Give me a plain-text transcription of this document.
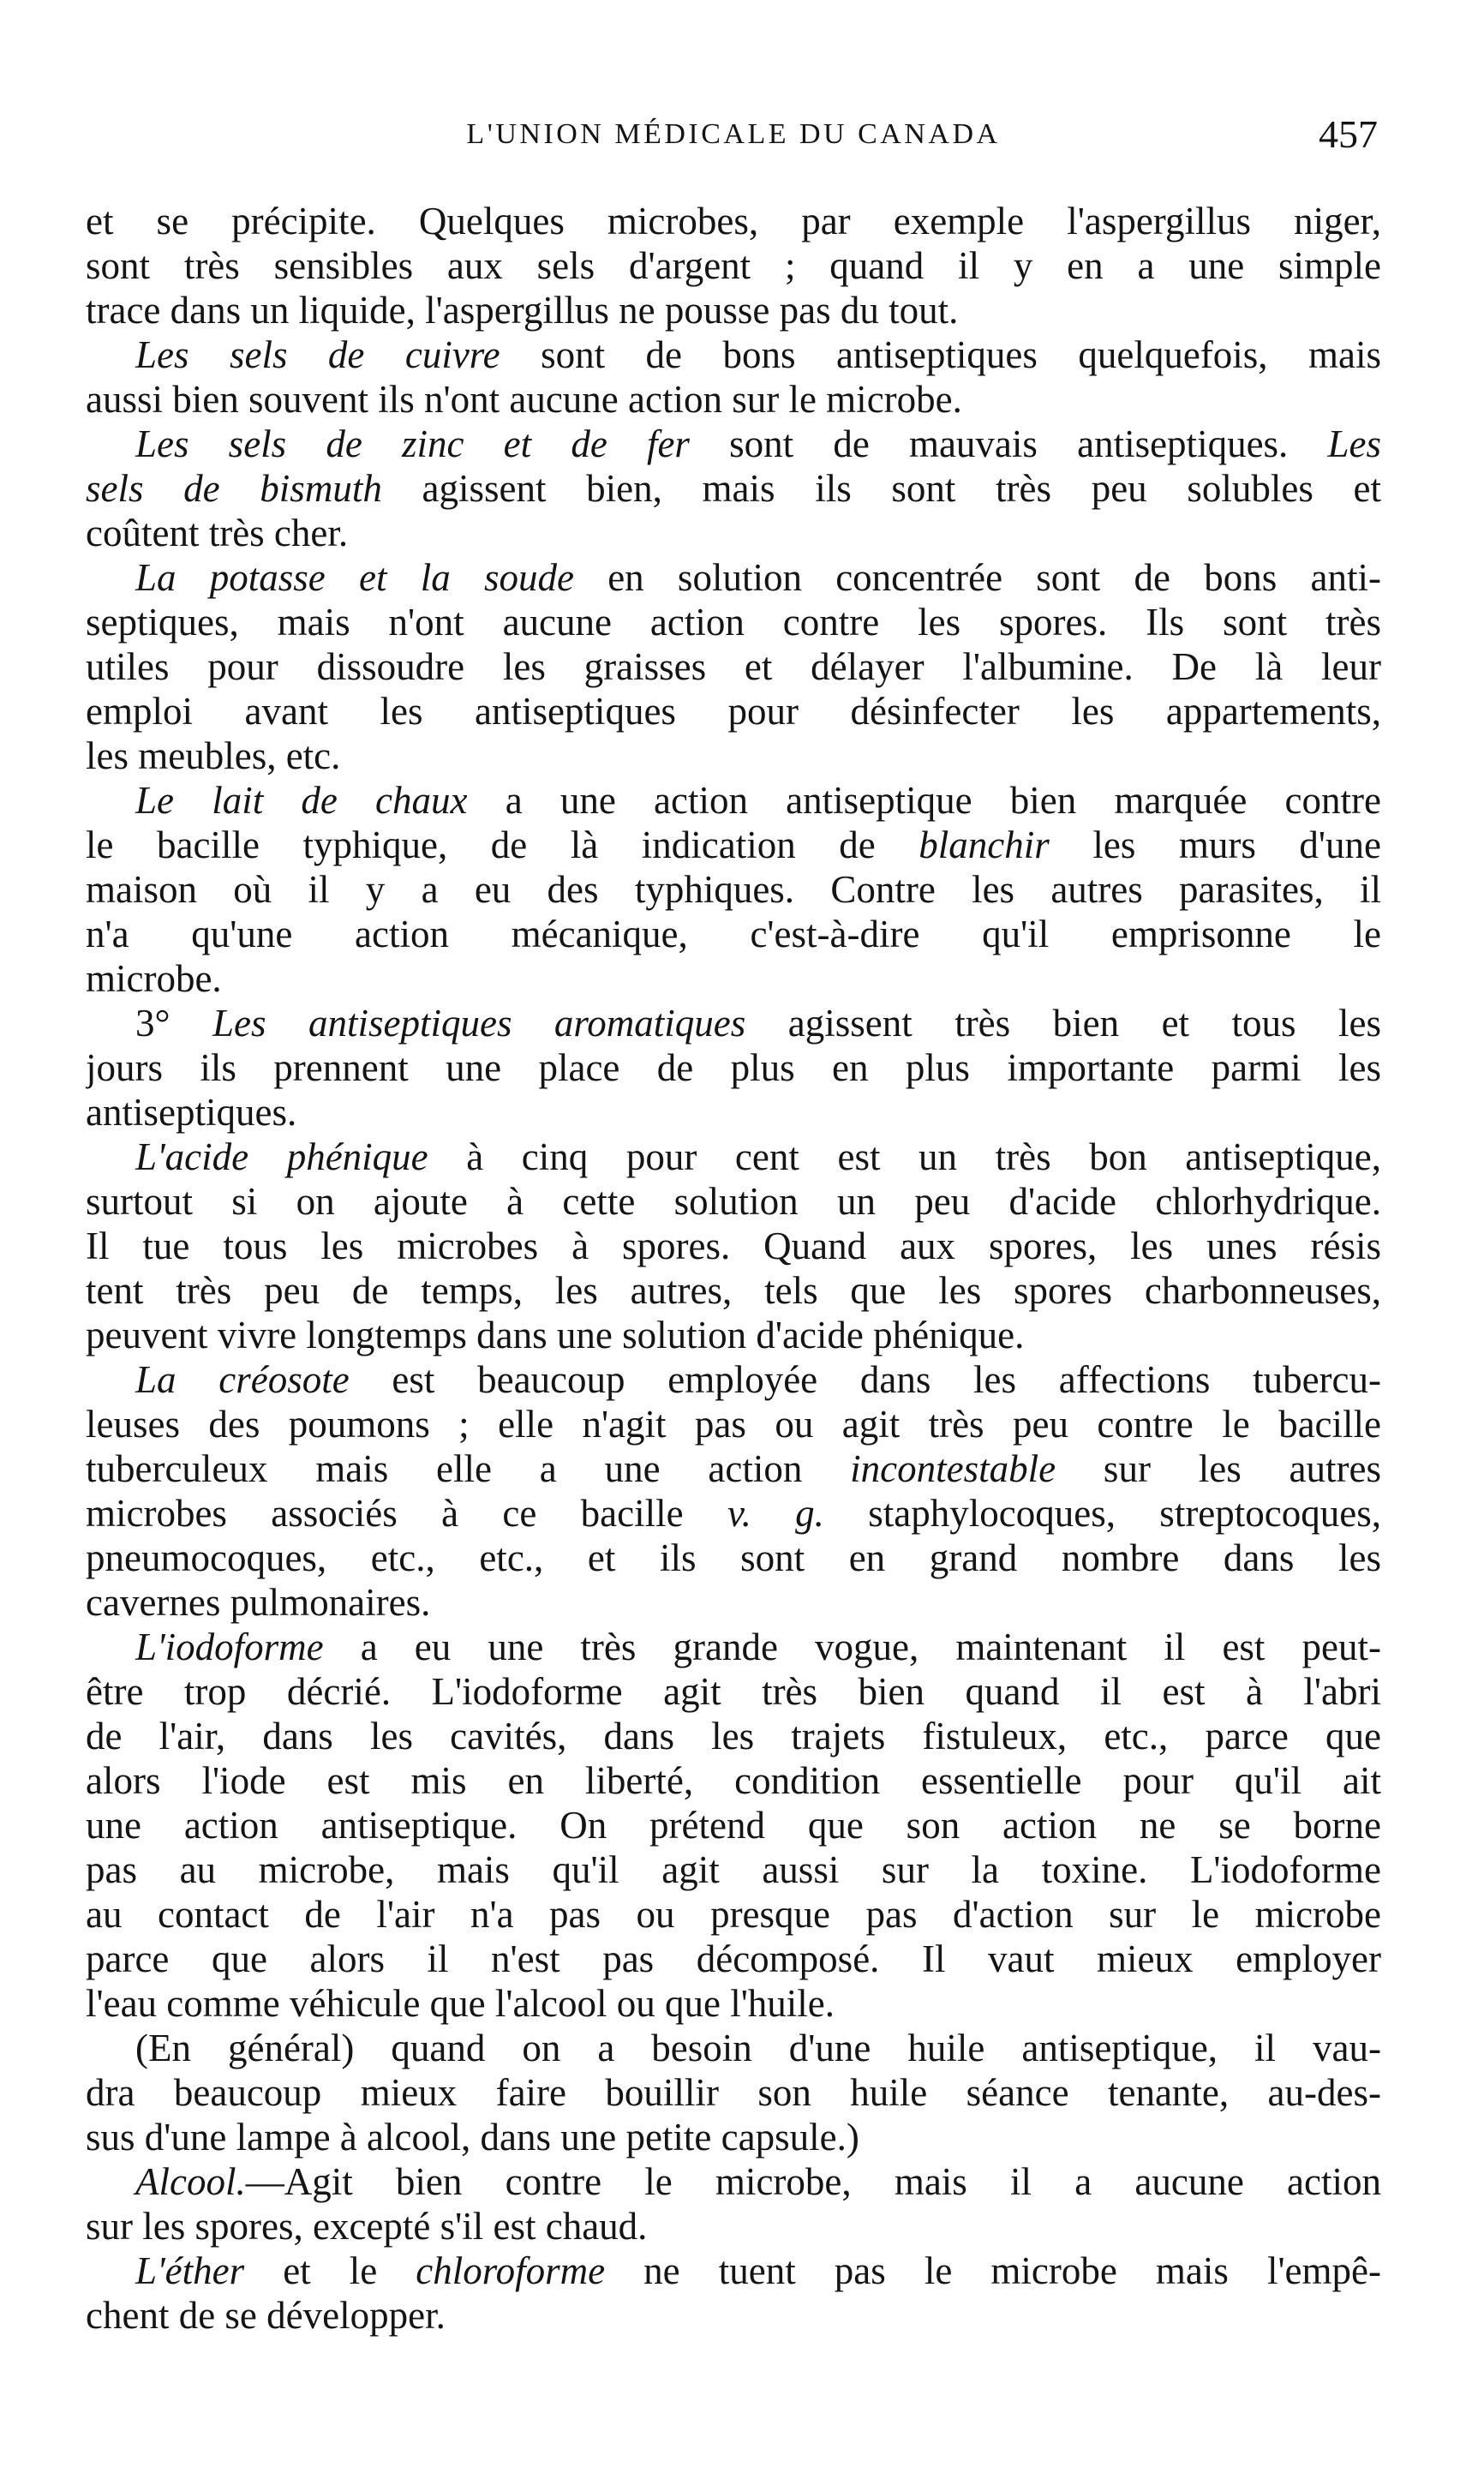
L'UNION MÉDICALE DU CANADA	457
et se précipite. Quelques microbes, par exemple l'aspergillus niger,
sont très sensibles aux sels d'argent ; quand il y en a une simple
trace dans un liquide, l'aspergillus ne pousse pas du tout.
Les sels de cuivre sont de bons antiseptiques quelquefois, mais
aussi bien souvent ils n'ont aucune action sur le microbe.
Les sels de zinc et de fer sont de mauvais antiseptiques. Les
sels de bismuth agissent bien, mais ils sont très peu solubles et
coûtent très cher.
La potasse et la soude en solution concentrée sont de bons anti-
septiques, mais n'ont aucune action contre les spores. Ils sont très
utiles pour dissoudre les graisses et délayer l'albumine. De là leur
emploi avant les antiseptiques pour désinfecter les appartements,
les meubles, etc.
Le lait de chaux a une action antiseptique bien marquée contre
le bacille typhique, de là indication de blanchir les murs d'une
maison où il y a eu des typhiques. Contre les autres parasites, il
n'a qu'une action mécanique, c'est-à-dire qu'il emprisonne le
microbe.
3° Les antiseptiques aromatiques agissent très bien et tous les
jours ils prennent une place de plus en plus importante parmi les
antiseptiques.
L'acide phénique à cinq pour cent est un très bon antiseptique,
surtout si on ajoute à cette solution un peu d'acide chlorhydrique.
Il tue tous les microbes à spores. Quand aux spores, les unes résis
tent très peu de temps, les autres, tels que les spores charbonneuses,
peuvent vivre longtemps dans une solution d'acide phénique.
La créosote est beaucoup employée dans les affections tubercu-
leuses des poumons ; elle n'agit pas ou agit très peu contre le bacille
tuberculeux mais elle a une action incontestable sur les autres
microbes associés à ce bacille v. g. staphylocoques, streptocoques,
pneumocoques, etc., etc., et ils sont en grand nombre dans les
cavernes pulmonaires.
L'iodoforme a eu une très grande vogue, maintenant il est peut-
être trop décrié. L'iodoforme agit très bien quand il est à l'abri
de l'air, dans les cavités, dans les trajets fistuleux, etc., parce que
alors l'iode est mis en liberté, condition essentielle pour qu'il ait
une action antiseptique. On prétend que son action ne se borne
pas au microbe, mais qu'il agit aussi sur la toxine. L'iodoforme
au contact de l'air n'a pas ou presque pas d'action sur le microbe
parce que alors il n'est pas décomposé. Il vaut mieux employer
l'eau comme véhicule que l'alcool ou que l'huile.
(En général) quand on a besoin d'une huile antiseptique, il vau-
dra beaucoup mieux faire bouillir son huile séance tenante, au-des-
sus d'une lampe à alcool, dans une petite capsule.)
Alcool.—Agit bien contre le microbe, mais il a aucune action
sur les spores, excepté s'il est chaud.
L'éther et le chloroforme ne tuent pas le microbe mais l'empê-
chent de se développer.
